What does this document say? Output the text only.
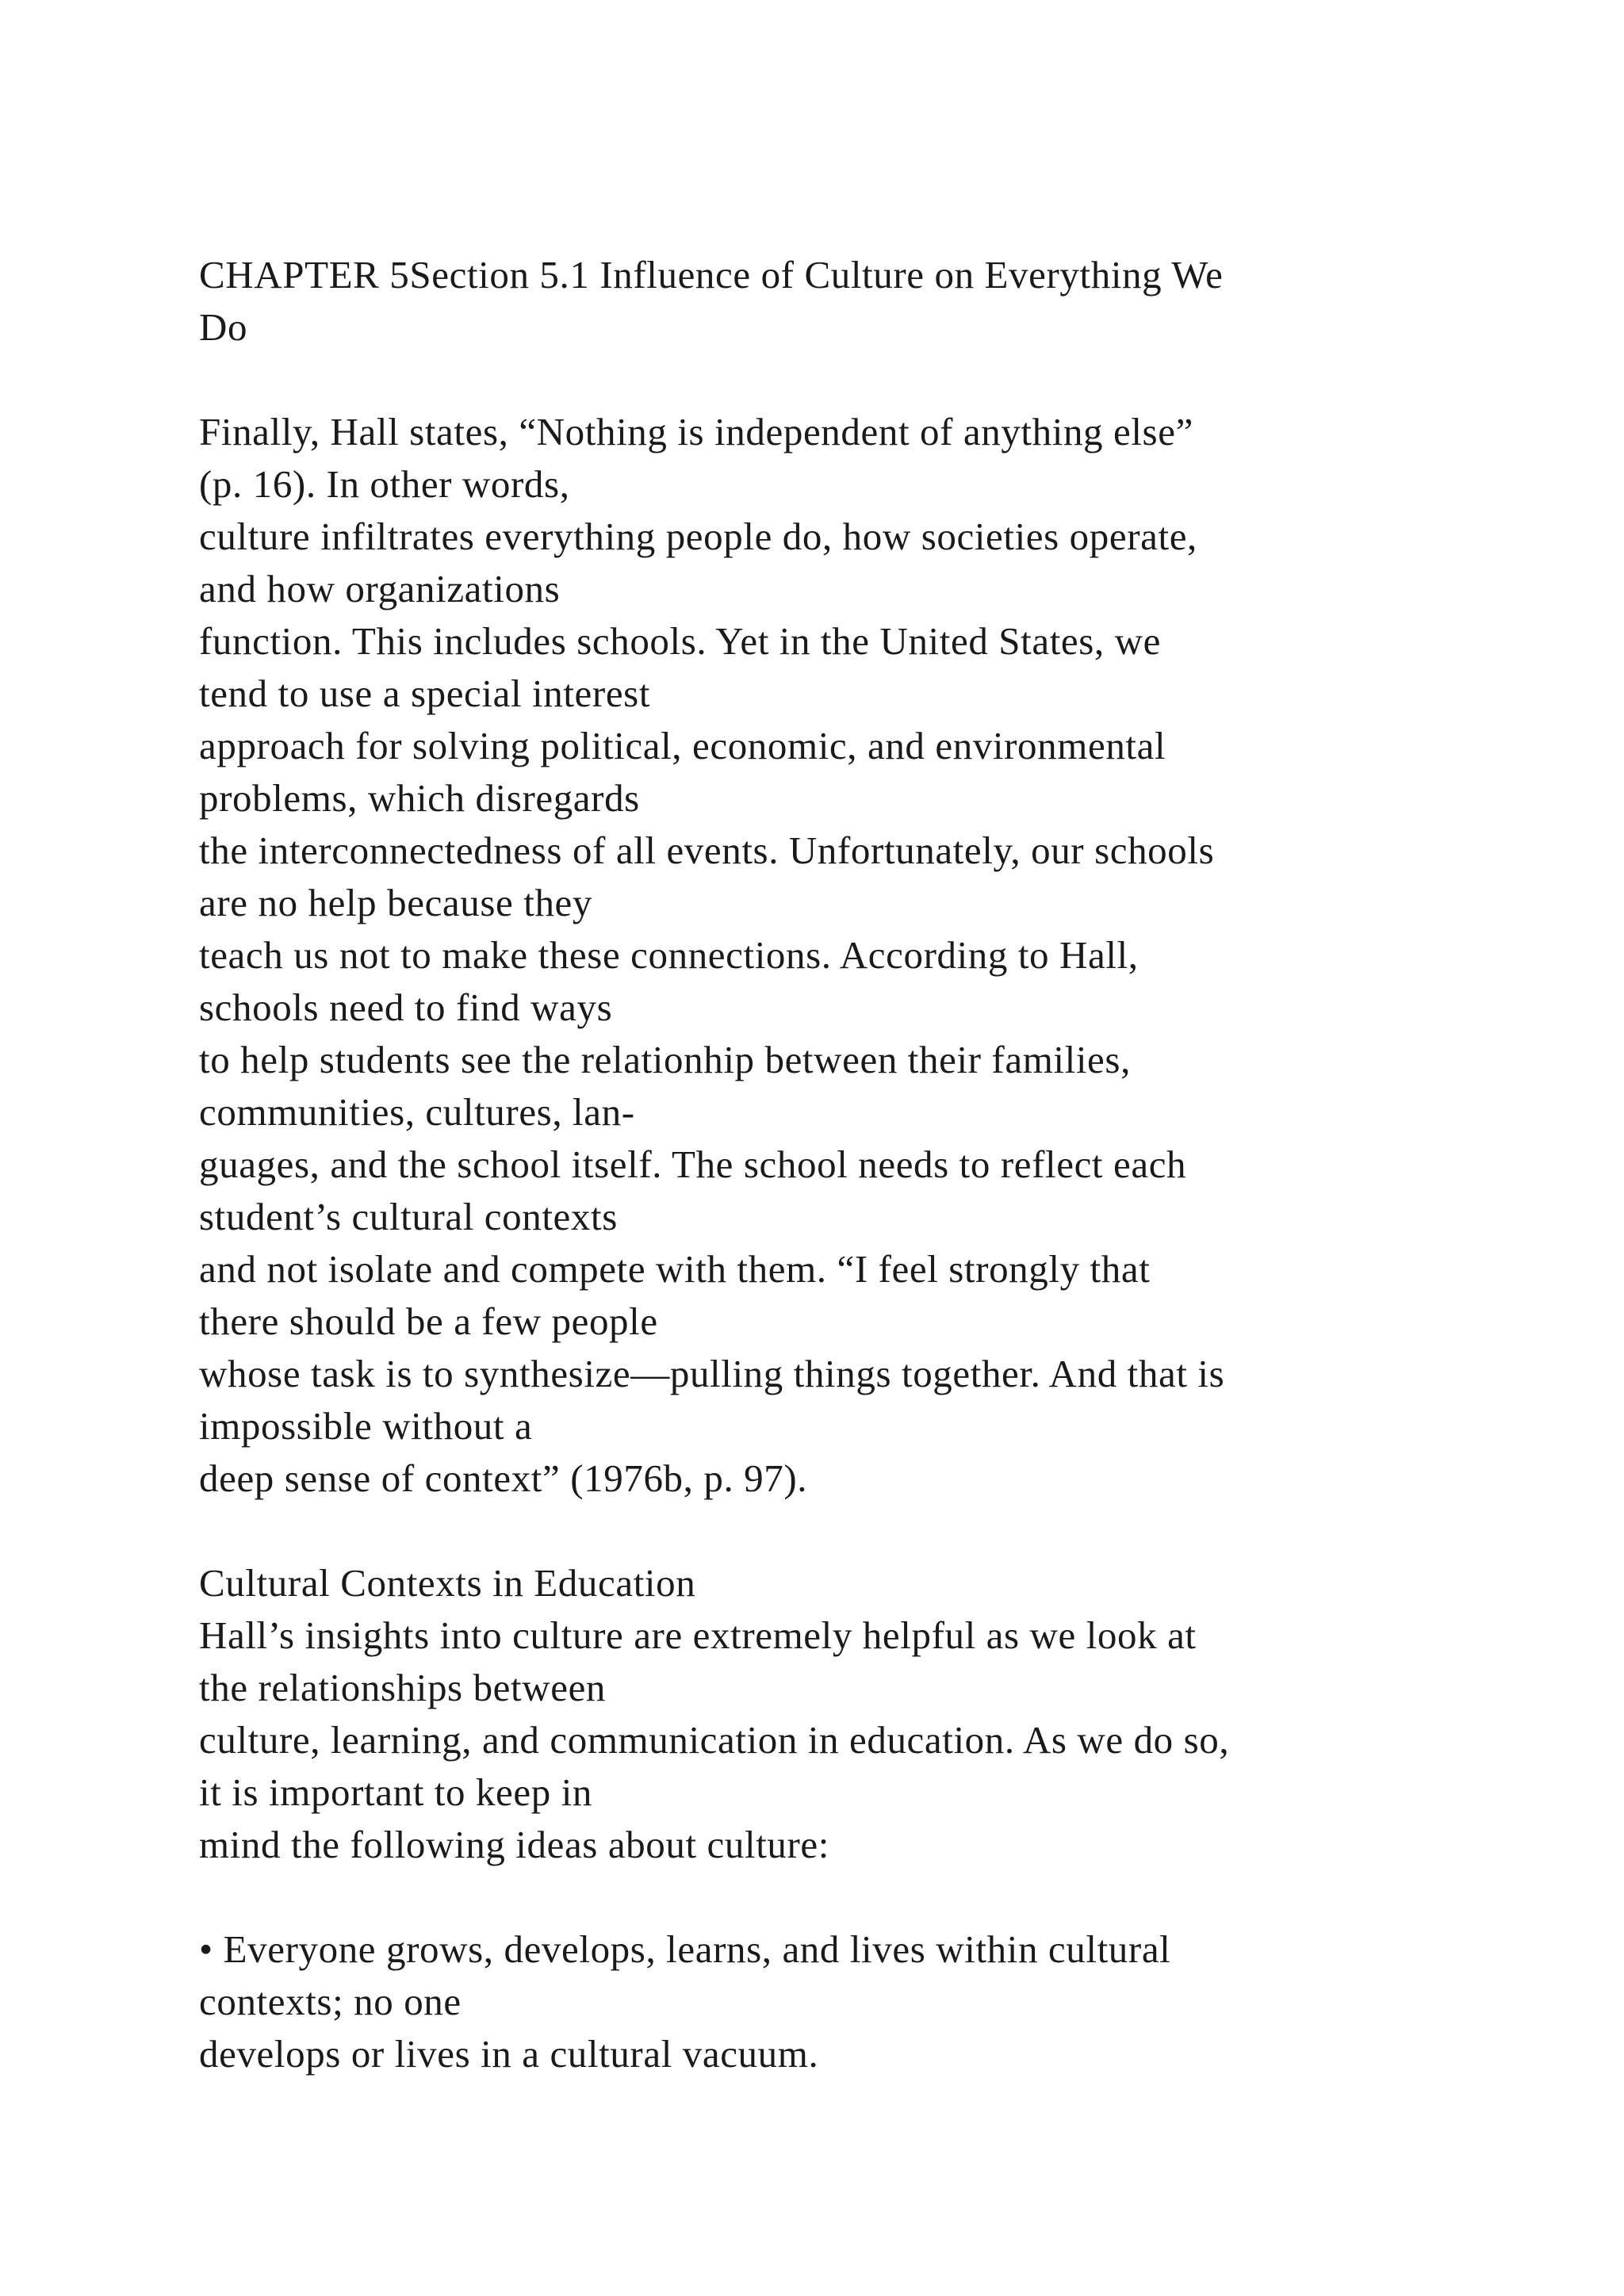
CHAPTER 5Section 5.1 Influence of Culture on Everything We
Do
Finally, Hall states, “Nothing is independent of anything else”
(p. 16). In other words,
culture infiltrates everything people do, how societies operate,
and how organizations
function. This includes schools. Yet in the United States, we
tend to use a special interest
approach for solving political, economic, and environmental
problems, which disregards
the interconnectedness of all events. Unfortunately, our schools
are no help because they
teach us not to make these connections. According to Hall,
schools need to find ways
to help students see the relationhip between their families,
communities, cultures, lan-
guages, and the school itself. The school needs to reflect each
student’s cultural contexts
and not isolate and compete with them. “I feel strongly that
there should be a few people
whose task is to synthesize—pulling things together. And that is
impossible without a
deep sense of context” (1976b, p. 97).
Cultural Contexts in Education
Hall’s insights into culture are extremely helpful as we look at
the relationships between
culture, learning, and communication in education. As we do so,
it is important to keep in
mind the following ideas about culture:
• Everyone grows, develops, learns, and lives within cultural
contexts; no one
develops or lives in a cultural vacuum.
